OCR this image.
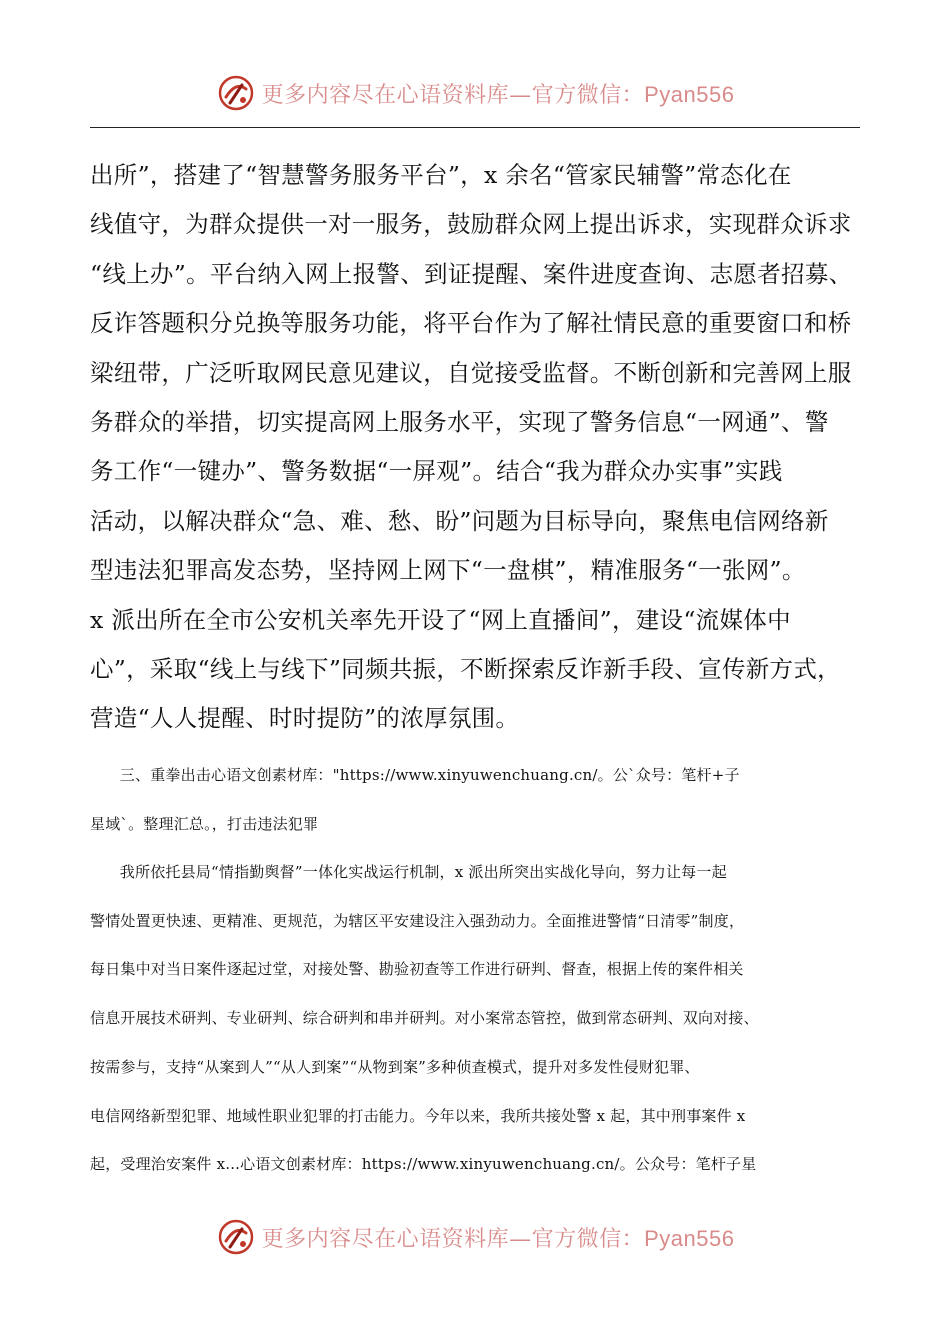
更多内容尽在心语资料库—官方微信：Pyan556

出所”，搭建了“智慧警务服务平台”，x 余名“管家民辅警”常态化在
线值守，为群众提供一对一服务，鼓励群众网上提出诉求，实现群众诉求
“线上办”。平台纳入网上报警、到证提醒、案件进度查询、志愿者招募、
反诈答题积分兑换等服务功能，将平台作为了解社情民意的重要窗口和桥
梁纽带，广泛听取网民意见建议，自觉接受监督。不断创新和完善网上服
务群众的举措，切实提高网上服务水平，实现了警务信息“一网通”、警
务工作“一键办”、警务数据“一屏观”。结合“我为群众办实事”实践
活动，以解决群众“急、难、愁、盼”问题为目标导向，聚焦电信网络新
型违法犯罪高发态势，坚持网上网下“一盘棋”，精准服务“一张网”。
x 派出所在全市公安机关率先开设了“网上直播间”，建设“流媒体中
心”，采取“线上与线下”同频共振，不断探索反诈新手段、宣传新方式，
营造“人人提醒、时时提防”的浓厚氛围。

三、重拳出击心语文创素材库："https://www.xinyuwenchuang.cn/。公`众号：笔杆+子
星域`。整理汇总。，打击违法犯罪

我所依托县局“情指勤舆督”一体化实战运行机制，x 派出所突出实战化导向，努力让每一起
警情处置更快速、更精准、更规范，为辖区平安建设注入强劲动力。全面推进警情“日清零”制度，
每日集中对当日案件逐起过堂，对接处警、勘验初查等工作进行研判、督查，根据上传的案件相关
信息开展技术研判、专业研判、综合研判和串并研判。对小案常态管控，做到常态研判、双向对接、
按需参与，支持“从案到人”“从人到案”“从物到案”多种侦查模式，提升对多发性侵财犯罪、
电信网络新型犯罪、地域性职业犯罪的打击能力。今年以来，我所共接处警 x 起，其中刑事案件 x
起，受理治安案件 x...心语文创素材库：https://www.xinyuwenchuang.cn/。公众号：笔杆子星

更多内容尽在心语资料库—官方微信：Pyan556
